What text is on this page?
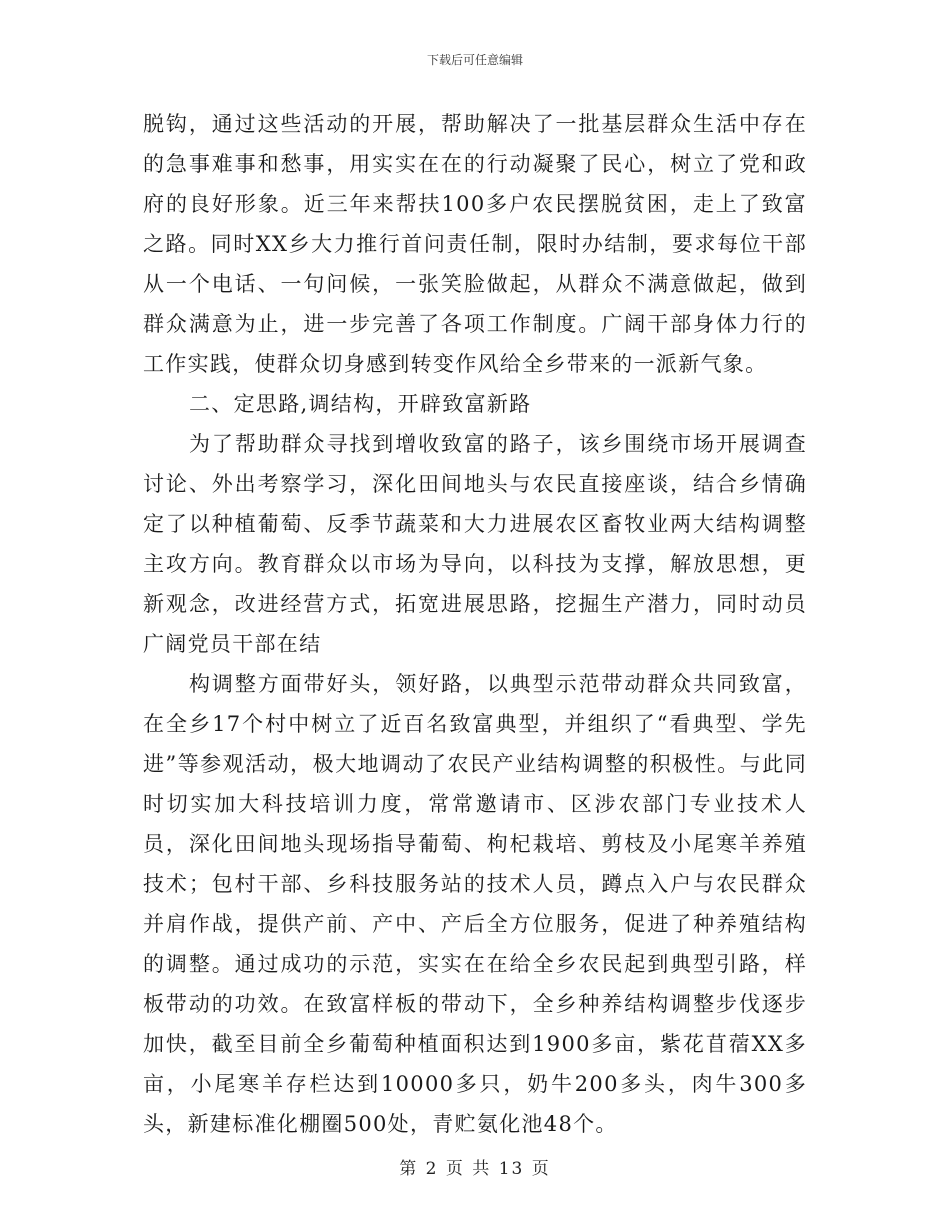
下载后可任意编辑

脱钩，通过这些活动的开展，帮助解决了一批基层群众生活中存在的急事难事和愁事，用实实在在的行动凝聚了民心，树立了党和政府的良好形象。近三年来帮扶100多户农民摆脱贫困，走上了致富之路。同时XX乡大力推行首问责任制，限时办结制，要求每位干部从一个电话、一句问候，一张笑脸做起，从群众不满意做起，做到群众满意为止，进一步完善了各项工作制度。广阔干部身体力行的工作实践，使群众切身感到转变作风给全乡带来的一派新气象。

二、定思路,调结构，开辟致富新路

为了帮助群众寻找到增收致富的路子，该乡围绕市场开展调查讨论、外出考察学习，深化田间地头与农民直接座谈，结合乡情确定了以种植葡萄、反季节蔬菜和大力进展农区畜牧业两大结构调整主攻方向。教育群众以市场为导向，以科技为支撑，解放思想，更新观念，改进经营方式，拓宽进展思路，挖掘生产潜力，同时动员广阔党员干部在结

构调整方面带好头，领好路，以典型示范带动群众共同致富，在全乡17个村中树立了近百名致富典型，并组织了“看典型、学先进”等参观活动，极大地调动了农民产业结构调整的积极性。与此同时切实加大科技培训力度，常常邀请市、区涉农部门专业技术人员，深化田间地头现场指导葡萄、枸杞栽培、剪枝及小尾寒羊养殖技术；包村干部、乡科技服务站的技术人员，蹲点入户与农民群众并肩作战，提供产前、产中、产后全方位服务，促进了种养殖结构的调整。通过成功的示范，实实在在给全乡农民起到典型引路，样板带动的功效。在致富样板的带动下，全乡种养结构调整步伐逐步加快，截至目前全乡葡萄种植面积达到1900多亩，紫花苜蓿XX多亩，小尾寒羊存栏达到10000多只，奶牛200多头，肉牛300多头，新建标准化棚圈500处，青贮氨化池48个。

第 2 页 共 13 页
